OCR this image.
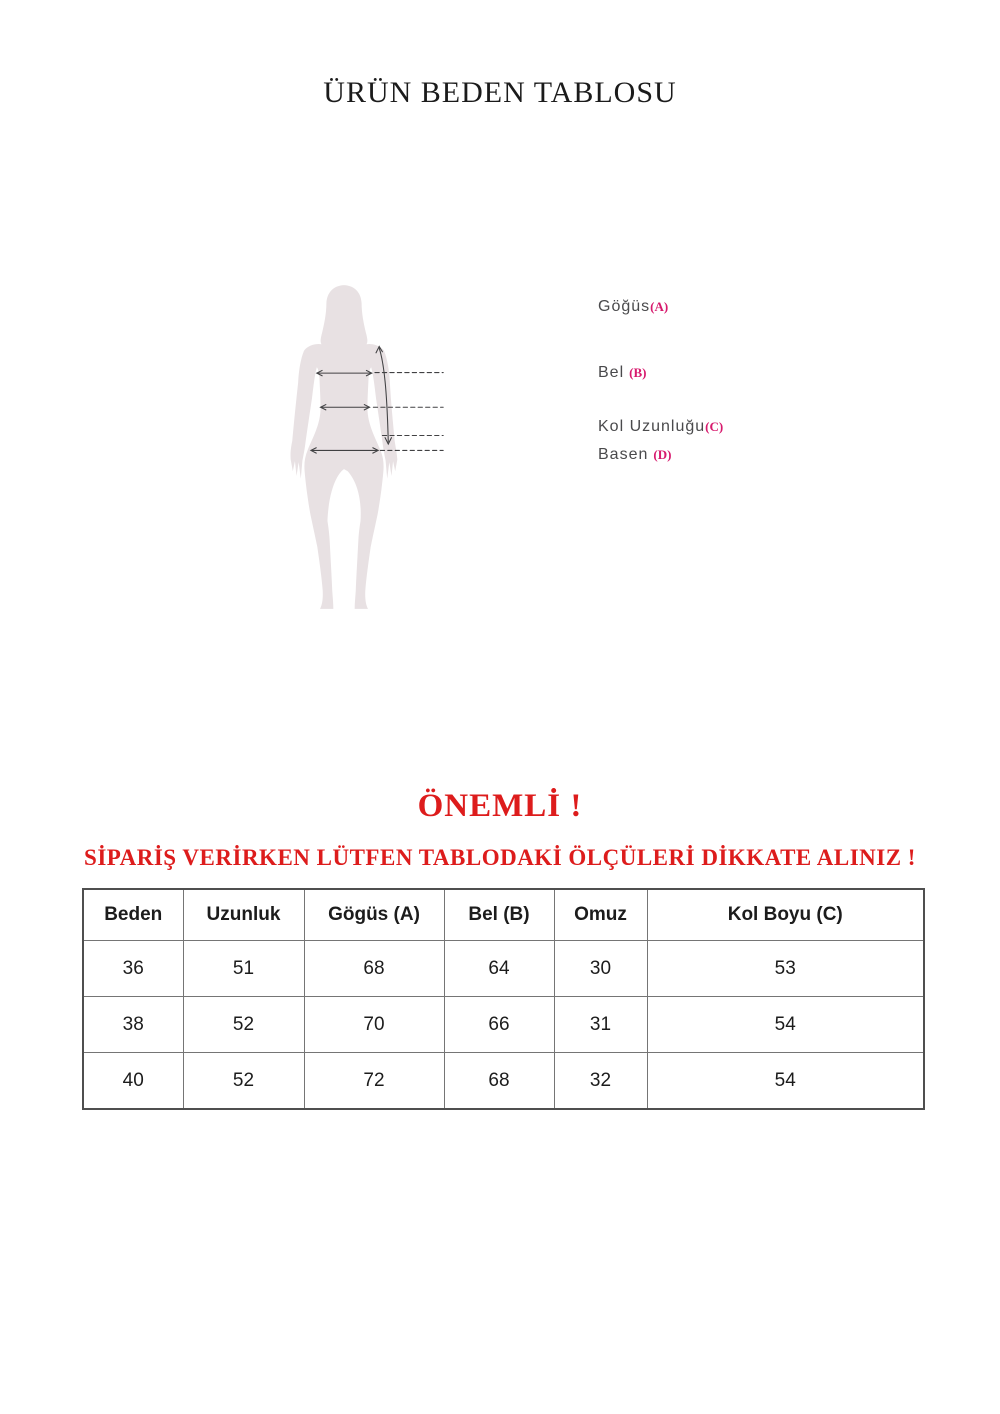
ÜRÜN BEDEN TABLOSU
Göğüs(A)
Bel (B)
Kol Uzunluğu(C)
Basen (D)
ÖNEMLİ !
SİPARİŞ VERİRKEN LÜTFEN TABLODAKİ ÖLÇÜLERİ DİKKATE ALINIZ !
Beden	Uzunluk	Gögüs (A)	Bel (B)	Omuz	Kol Boyu (C)
36	51	68	64	30	53
38	52	70	66	31	54
40	52	72	68	32	54
